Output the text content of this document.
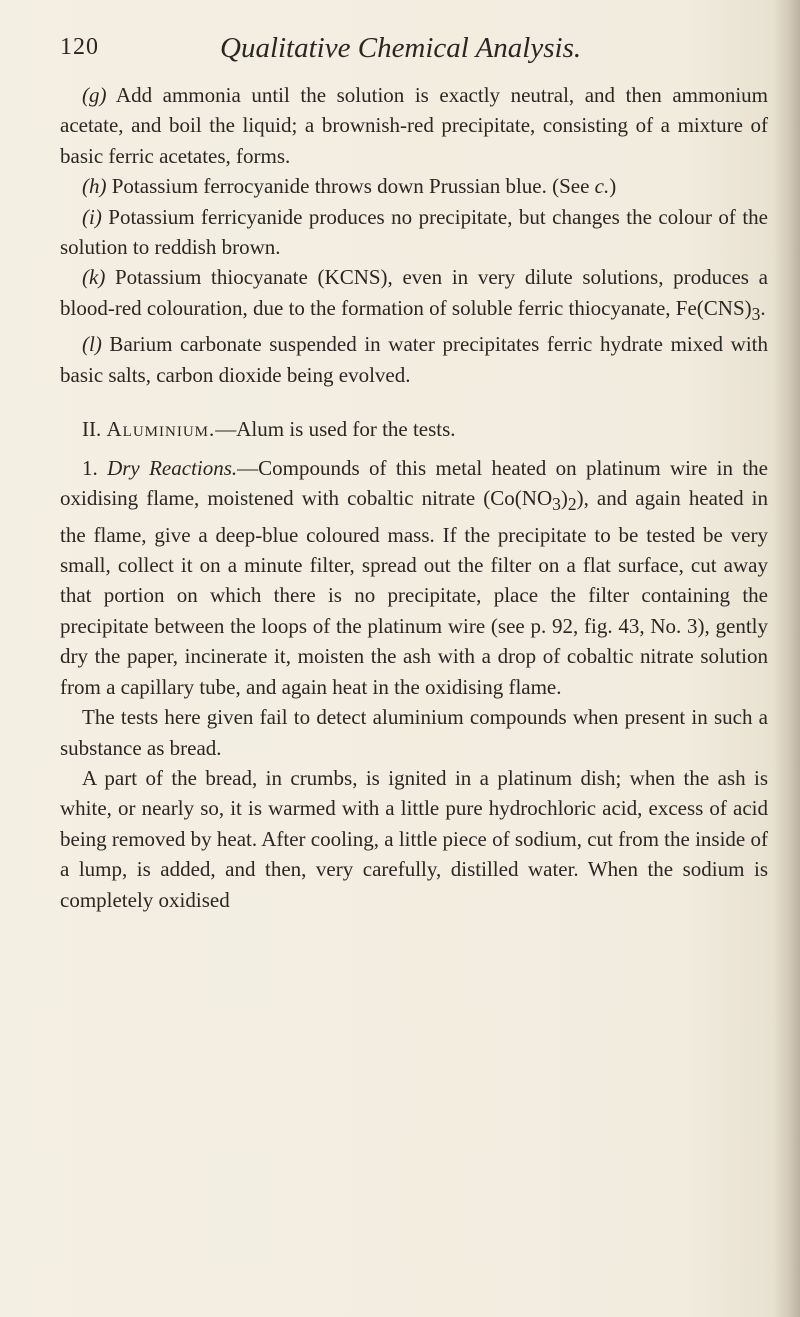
120	Qualitative Chemical Analysis.

(g) Add ammonia until the solution is exactly neutral, and then ammonium acetate, and boil the liquid; a brownish-red precipitate, consisting of a mixture of basic ferric acetates, forms.

(h) Potassium ferrocyanide throws down Prussian blue. (See c.)

(i) Potassium ferricyanide produces no precipitate, but changes the colour of the solution to reddish brown.

(k) Potassium thiocyanate (KCNS), even in very dilute solutions, produces a blood-red colouration, due to the formation of soluble ferric thiocyanate, $Fe(CNS)_3$.

(l) Barium carbonate suspended in water precipitates ferric hydrate mixed with basic salts, carbon dioxide being evolved.

II. Aluminium.—Alum is used for the tests.

1. Dry Reactions.—Compounds of this metal heated on platinum wire in the oxidising flame, moistened with cobaltic nitrate $(Co(NO_3)_2)$, and again heated in the flame, give a deep-blue coloured mass. If the precipitate to be tested be very small, collect it on a minute filter, spread out the filter on a flat surface, cut away that portion on which there is no precipitate, place the filter containing the precipitate between the loops of the platinum wire (see p. 92, fig. 43, No. 3), gently dry the paper, incinerate it, moisten the ash with a drop of cobaltic nitrate solution from a capillary tube, and again heat in the oxidising flame.

The tests here given fail to detect aluminium compounds when present in such a substance as bread.

A part of the bread, in crumbs, is ignited in a platinum dish; when the ash is white, or nearly so, it is warmed with a little pure hydrochloric acid, excess of acid being removed by heat. After cooling, a little piece of sodium, cut from the inside of a lump, is added, and then, very carefully, distilled water. When the sodium is completely oxidised
